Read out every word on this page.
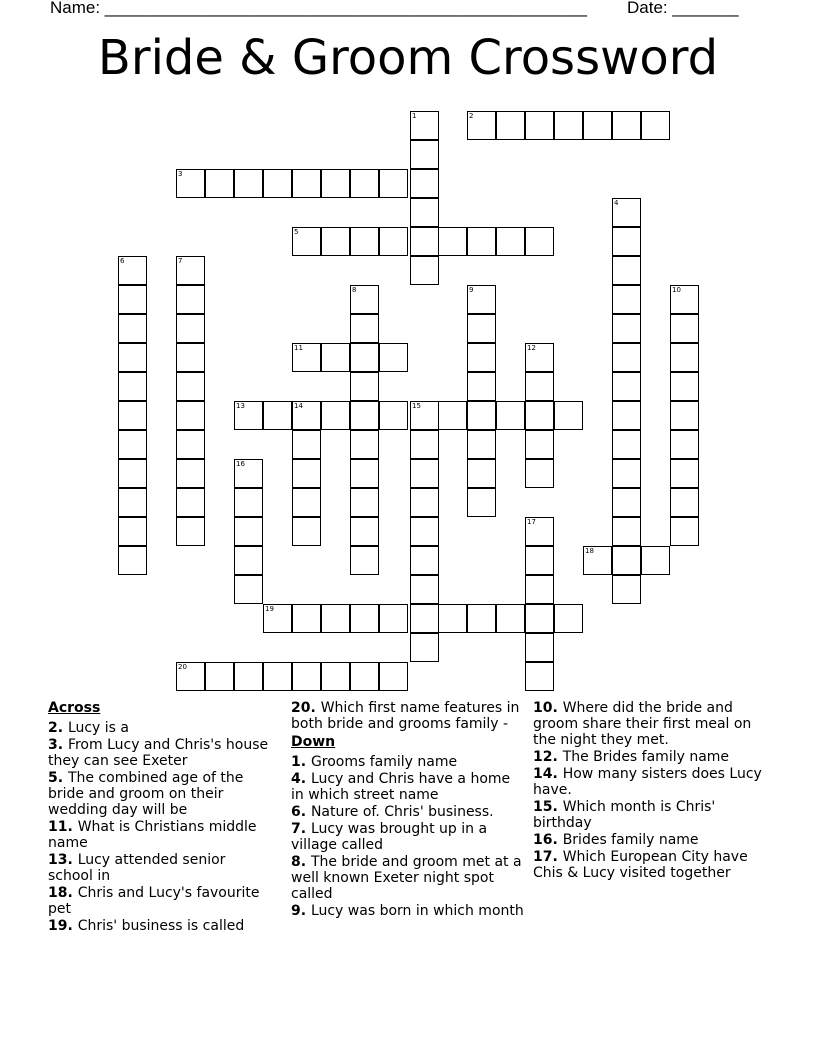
Name: ___________________________________________________ Date: _______
Bride & Groom Crossword
1	2
3
4
5
6	7
8	9	10
11	12
13	14	15
16
17
18
19
20
Across
2. Lucy is a
3. From Lucy and Chris's house they can see Exeter
5. The combined age of the bride and groom on their wedding day will be
11. What is Christians middle name
13. Lucy attended senior school in
18. Chris and Lucy's favourite pet
19. Chris' business is called
20. Which first name features in both bride and grooms family -
Down
1. Grooms family name
4. Lucy and Chris have a home in which street name
6. Nature of. Chris' business.
7. Lucy was brought up in a village called
8. The bride and groom met at a well known Exeter night spot called
9. Lucy was born in which month
10. Where did the bride and groom share their first meal on the night they met.
12. The Brides family name
14. How many sisters does Lucy have.
15. Which month is Chris' birthday
16. Brides family name
17. Which European City have Chis & Lucy visited together
